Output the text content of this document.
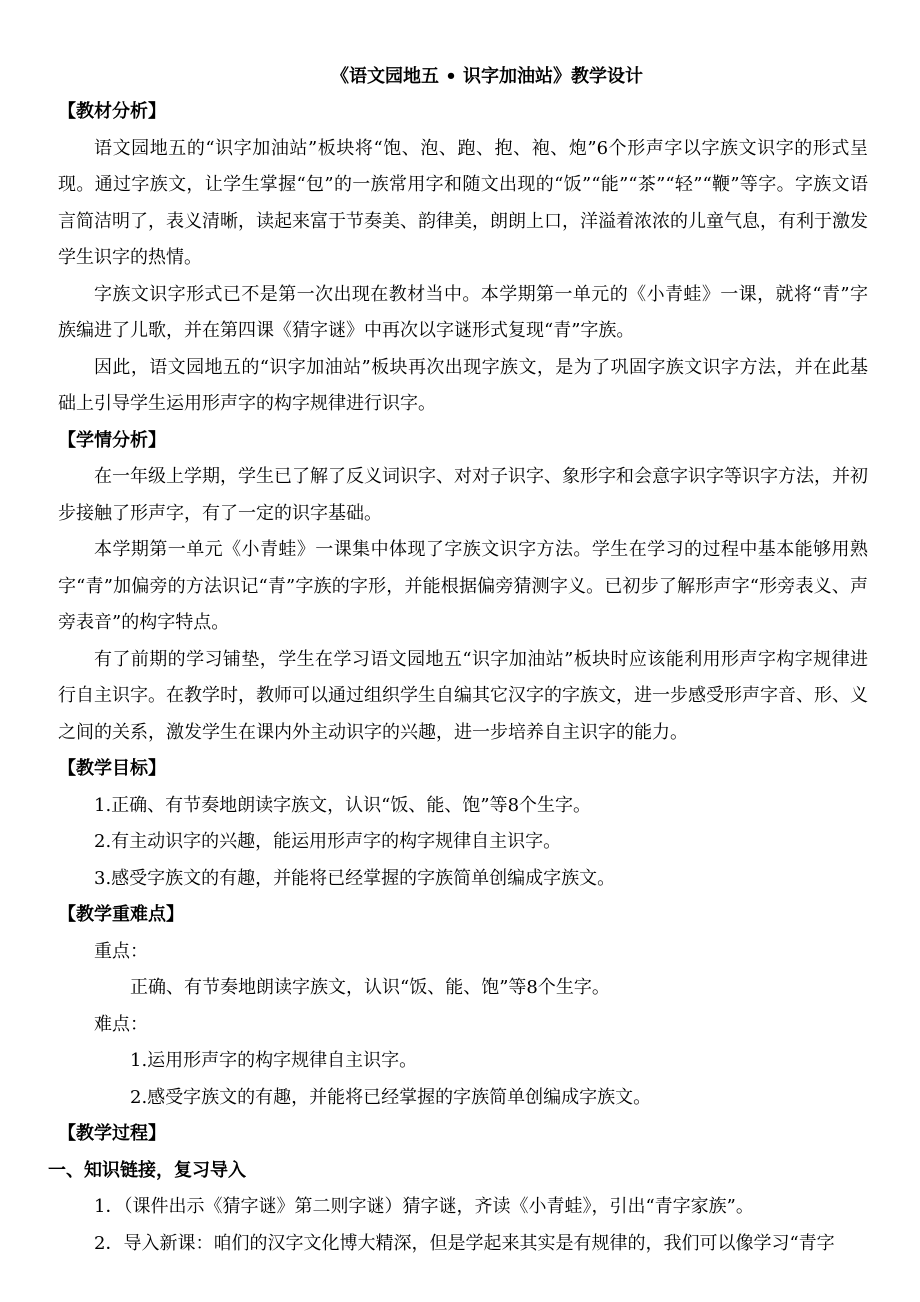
《语文园地五 • 识字加油站》教学设计

【教材分析】

语文园地五的“识字加油站”板块将“饱、泡、跑、抱、袍、炮”6个形声字以字族文识字的形式呈现。通过字族文，让学生掌握“包”的一族常用字和随文出现的“饭”“能”“茶”“轻”“鞭”等字。字族文语言简洁明了，表义清晰，读起来富于节奏美、韵律美，朗朗上口，洋溢着浓浓的儿童气息，有利于激发学生识字的热情。

字族文识字形式已不是第一次出现在教材当中。本学期第一单元的《小青蛙》一课，就将“青”字族编进了儿歌，并在第四课《猜字谜》中再次以字谜形式复现“青”字族。

因此，语文园地五的“识字加油站”板块再次出现字族文，是为了巩固字族文识字方法，并在此基础上引导学生运用形声字的构字规律进行识字。

【学情分析】

在一年级上学期，学生已了解了反义词识字、对对子识字、象形字和会意字识字等识字方法，并初步接触了形声字，有了一定的识字基础。

本学期第一单元《小青蛙》一课集中体现了字族文识字方法。学生在学习的过程中基本能够用熟字“青”加偏旁的方法识记“青”字族的字形，并能根据偏旁猜测字义。已初步了解形声字“形旁表义、声旁表音”的构字特点。

有了前期的学习铺垫，学生在学习语文园地五“识字加油站”板块时应该能利用形声字构字规律进行自主识字。在教学时，教师可以通过组织学生自编其它汉字的字族文，进一步感受形声字音、形、义之间的关系，激发学生在课内外主动识字的兴趣，进一步培养自主识字的能力。

【教学目标】

1.正确、有节奏地朗读字族文，认识“饭、能、饱”等8个生字。

2.有主动识字的兴趣，能运用形声字的构字规律自主识字。

3.感受字族文的有趣，并能将已经掌握的字族简单创编成字族文。

【教学重难点】

重点：

正确、有节奏地朗读字族文，认识“饭、能、饱”等8个生字。

难点：

1.运用形声字的构字规律自主识字。

2.感受字族文的有趣，并能将已经掌握的字族简单创编成字族文。

【教学过程】

一、知识链接，复习导入

1．（课件出示《猜字谜》第二则字谜）猜字谜，齐读《小青蛙》，引出“青字家族”。

2．导入新课：咱们的汉字文化博大精深，但是学起来其实是有规律的，我们可以像学习“青字
